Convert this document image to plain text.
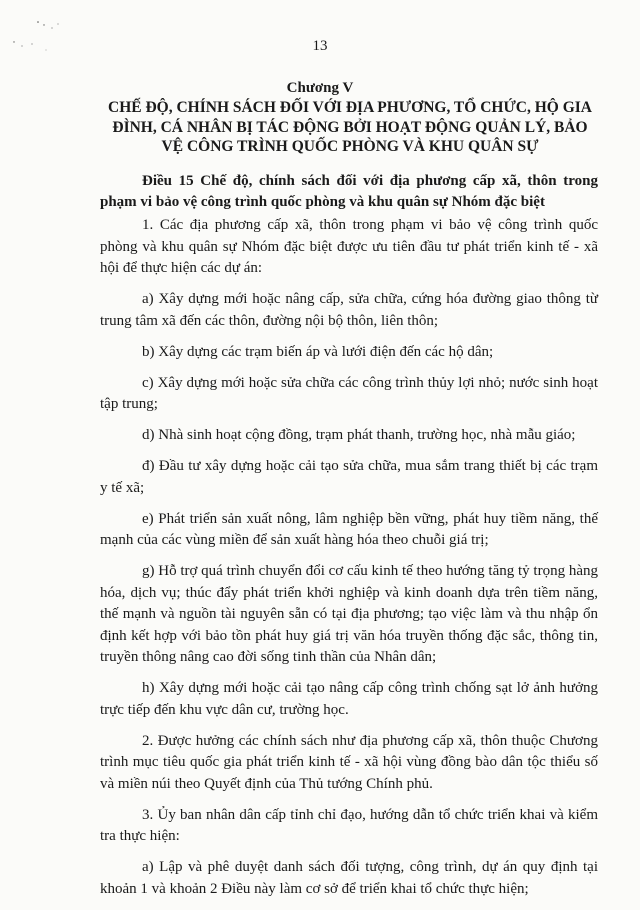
13
Chương V
CHẾ ĐỘ, CHÍNH SÁCH ĐỐI VỚI ĐỊA PHƯƠNG, TỔ CHỨC, HỘ GIA ĐÌNH, CÁ NHÂN BỊ TÁC ĐỘNG BỞI HOẠT ĐỘNG QUẢN LÝ, BẢO VỆ CÔNG TRÌNH QUỐC PHÒNG VÀ KHU QUÂN SỰ
Điều 15 Chế độ, chính sách đối với địa phương cấp xã, thôn trong phạm vi bảo vệ công trình quốc phòng và khu quân sự Nhóm đặc biệt

1. Các địa phương cấp xã, thôn trong phạm vi bảo vệ công trình quốc phòng và khu quân sự Nhóm đặc biệt được ưu tiên đầu tư phát triển kinh tế - xã hội để thực hiện các dự án:

a) Xây dựng mới hoặc nâng cấp, sửa chữa, cứng hóa đường giao thông từ trung tâm xã đến các thôn, đường nội bộ thôn, liên thôn;

b) Xây dựng các trạm biến áp và lưới điện đến các hộ dân;

c) Xây dựng mới hoặc sửa chữa các công trình thủy lợi nhỏ; nước sinh hoạt tập trung;

d) Nhà sinh hoạt cộng đồng, trạm phát thanh, trường học, nhà mẫu giáo;

đ) Đầu tư xây dựng hoặc cải tạo sửa chữa, mua sắm trang thiết bị các trạm y tế xã;

e) Phát triển sản xuất nông, lâm nghiệp bền vững, phát huy tiềm năng, thế mạnh của các vùng miền để sản xuất hàng hóa theo chuỗi giá trị;

g) Hỗ trợ quá trình chuyển đổi cơ cấu kinh tế theo hướng tăng tỷ trọng hàng hóa, dịch vụ; thúc đẩy phát triển khởi nghiệp và kinh doanh dựa trên tiềm năng, thế mạnh và nguồn tài nguyên sẵn có tại địa phương; tạo việc làm và thu nhập ổn định kết hợp với bảo tồn phát huy giá trị văn hóa truyền thống đặc sắc, thông tin, truyền thông nâng cao đời sống tinh thần của Nhân dân;

h) Xây dựng mới hoặc cải tạo nâng cấp công trình chống sạt lở ảnh hưởng trực tiếp đến khu vực dân cư, trường học.

2. Được hưởng các chính sách như địa phương cấp xã, thôn thuộc Chương trình mục tiêu quốc gia phát triển kinh tế - xã hội vùng đồng bào dân tộc thiểu số và miền núi theo Quyết định của Thủ tướng Chính phủ.

3. Ủy ban nhân dân cấp tỉnh chỉ đạo, hướng dẫn tổ chức triển khai và kiểm tra thực hiện:

a) Lập và phê duyệt danh sách đối tượng, công trình, dự án quy định tại khoản 1 và khoản 2 Điều này làm cơ sở để triển khai tổ chức thực hiện;
